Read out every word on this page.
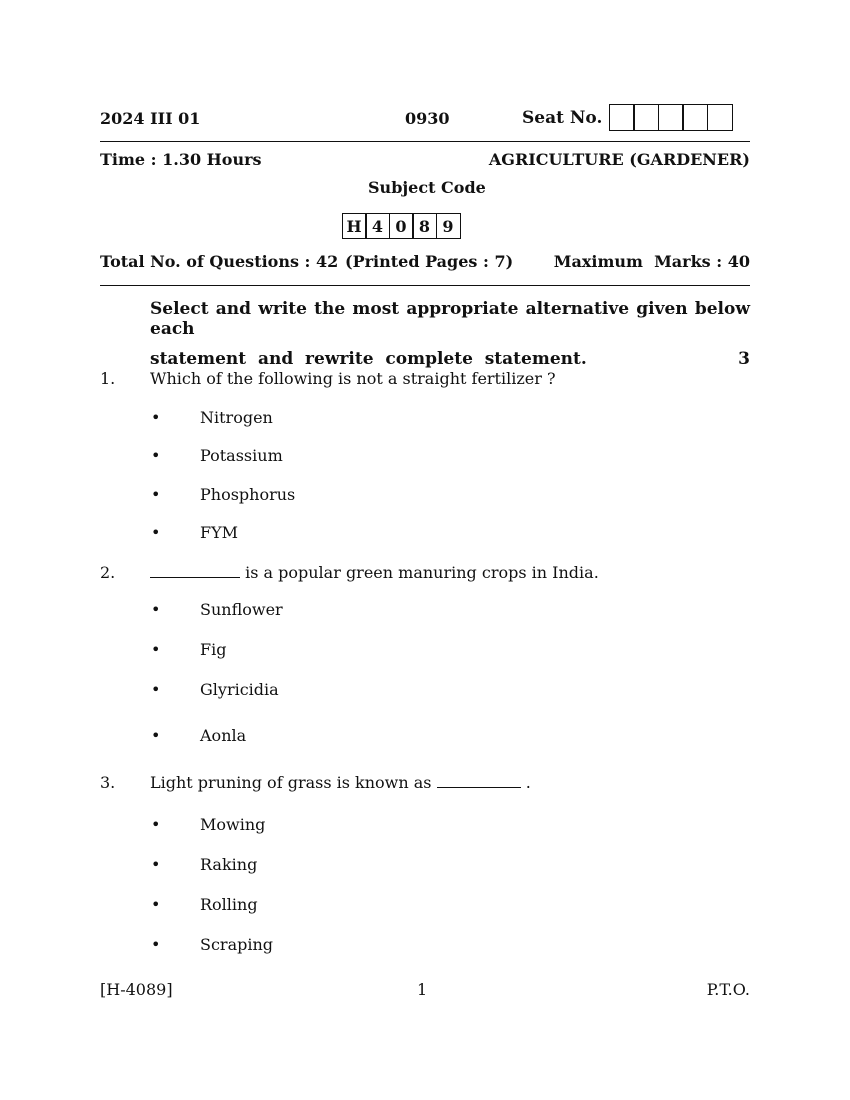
2024 III 01	0930	Seat No.
Time : 1.30 Hours	AGRICULTURE (GARDENER)
Subject Code
H 4 0 8 9
Total No. of Questions : 42 (Printed Pages : 7)	Maximum  Marks : 40
Select and write the most appropriate alternative given below each
statement  and  rewrite  complete  statement.	3
1. Which of the following is not a straight fertilizer ?
• Nitrogen
• Potassium
• Phosphorus
• FYM
2.	is a popular green manuring crops in India.
• Sunflower
• Fig
• Glyricidia
• Aonla
3. Light pruning of grass is known as	.
• Mowing
• Raking
• Rolling
• Scraping
[H-4089]	1	P.T.O.
